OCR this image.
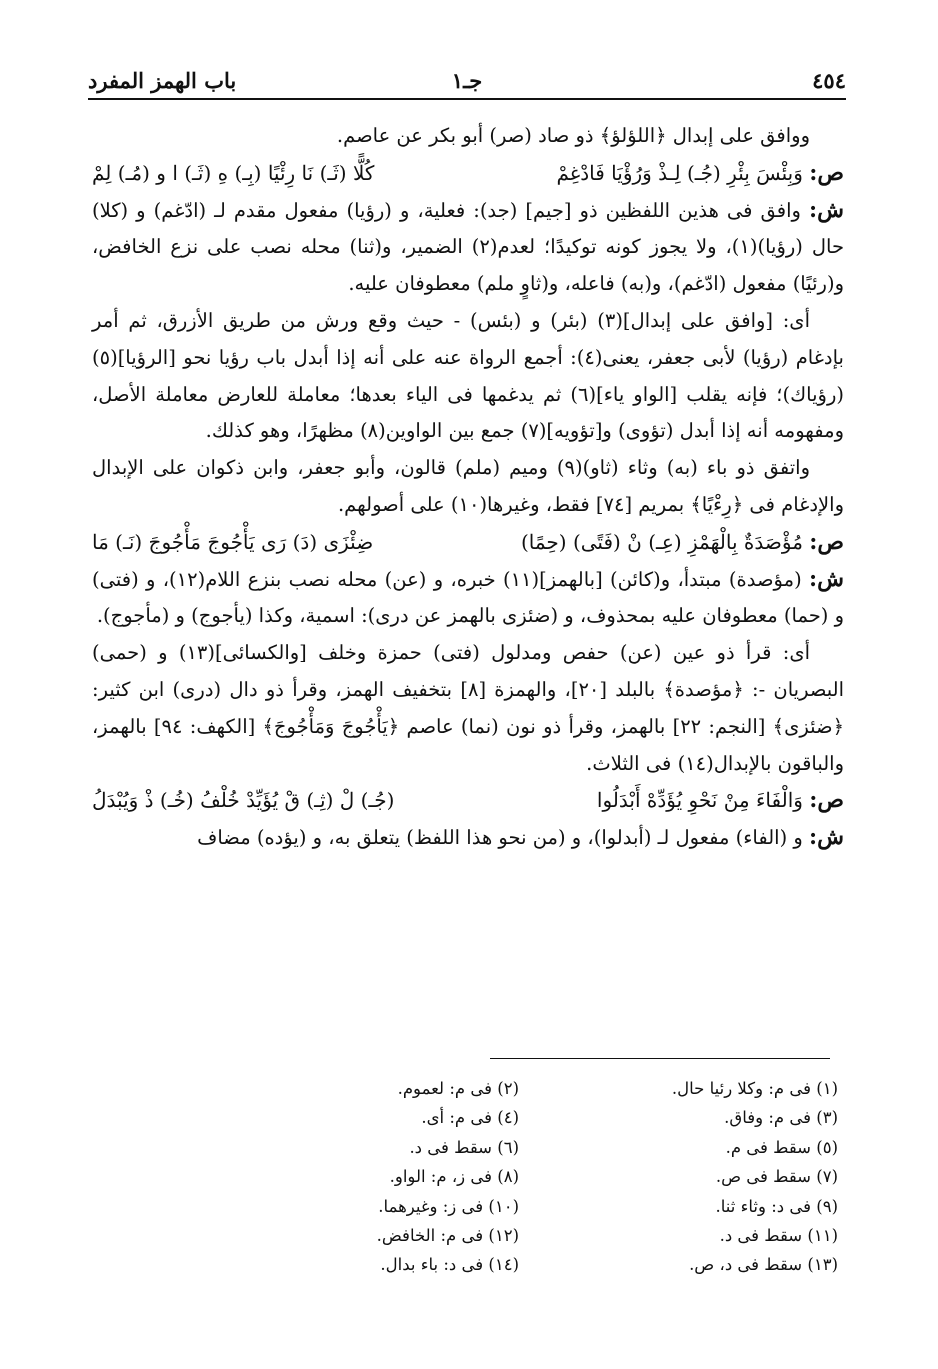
٤٥٤
جـ١
باب الهمز المفرد

ووافق على إبدال ﴿اللؤلؤ﴾ ذو صاد (صر) أبو بكر عن عاصم.

ص: وَبِئْسَ بِئْرِ (جُـ) لِـذْ وَرُؤْيَا فَادْغِمْ
كُلًّا (ثَـ) نَا رِئْيًا (بِـ) هِ (ثَـ) ا و (مُـ) لِمْ

ش: وافق فى هذين اللفظين ذو [جيم] (جد): فعلية، و (رؤيا) مفعول مقدم لـ (ادّغم) و (كلا) حال (رؤيا)(١)، ولا يجوز كونه توكيدًا؛ لعدم(٢) الضمير، و(ثنا) محله نصب على نزع الخافض، و(رئيًا) مفعول (ادّغم)، و(به) فاعله، و(ثاوٍ ملم) معطوفان عليه.

أى: [وافق على إبدال](٣) (بئر) و (بئس) - حيث وقع ورش من طريق الأزرق، ثم أمر بإدغام (رؤيا) لأبى جعفر، يعنى(٤): أجمع الرواة عنه على أنه إذا أبدل باب رؤيا نحو [الرؤيا](٥) (رؤياك)؛ فإنه يقلب [الواو ياء](٦) ثم يدغمها فى الياء بعدها؛ معاملة للعارض معاملة الأصل، ومفهومه أنه إذا أبدل (تؤوى) و[تؤويه](٧) جمع بين الواوين(٨) مظهرًا، وهو كذلك.

واتفق ذو باء (به) وثاء (ثاو)(٩) وميم (ملم) قالون، وأبو جعفر، وابن ذكوان على الإبدال والإدغام فى ﴿رِءْيًا﴾ بمريم [٧٤] فقط، وغيرها(١٠) على أصولهم.

ص: مُؤْصَدَةٌ بِالْهَمْزِ (عِـ) نْ (فَتًى) (حِمًا)
ضِئْزَى (دَ) رَى يَأْجُوجَ مَأْجُوجَ (نَـ) مَا

ش: (مؤصدة) مبتدأ، و(كائن) [بالهمز](١١) خبره، و (عن) محله نصب بنزع اللام(١٢)، و (فتى) و (حما) معطوفان عليه بمحذوف، و (ضئزى بالهمز عن درى): اسمية، وكذا (يأجوج) و (مأجوج).

أى: قرأ ذو عين (عن) حفص ومدلول (فتى) حمزة وخلف [والكسائى](١٣) و (حمى) البصريان -: ﴿مؤصدة﴾ بالبلد [٢٠]، والهمزة [٨] بتخفيف الهمز، وقرأ ذو دال (درى) ابن كثير: ﴿ضئزى﴾ [النجم: ٢٢] بالهمز، وقرأ ذو نون (نما) عاصم ﴿يَأْجُوجَ وَمَأْجُوجَ﴾ [الكهف: ٩٤] بالهمز، والباقون بالإبدال(١٤) فى الثلاث.

ص: وَالْفَاءَ مِنْ نَحْوِ يُؤَدِّهْ أَبْدَلُوا
(جُـ) لْ (ثِـ) قْ يُؤَيِّدْ خُلْفُ (خُـ) ذْ وَيُبْدَلُ

ش: و (الفاء) مفعول لـ (أبدلوا)، و (من نحو هذا اللفظ) يتعلق به، و (يؤده) مضاف

(١) فى م: وكلا رئيا حال.
(٢) فى م: لعموم.
(٣) فى م: وفاق.
(٤) فى م: أى.
(٥) سقط فى م.
(٦) سقط فى د.
(٧) سقط فى ص.
(٨) فى ز، م: الواو.
(٩) فى د: وثاء ثنا.
(١٠) فى ز: وغيرهما.
(١١) سقط فى د.
(١٢) فى م: الخافض.
(١٣) سقط فى د، ص.
(١٤) فى د: باء بدال.
